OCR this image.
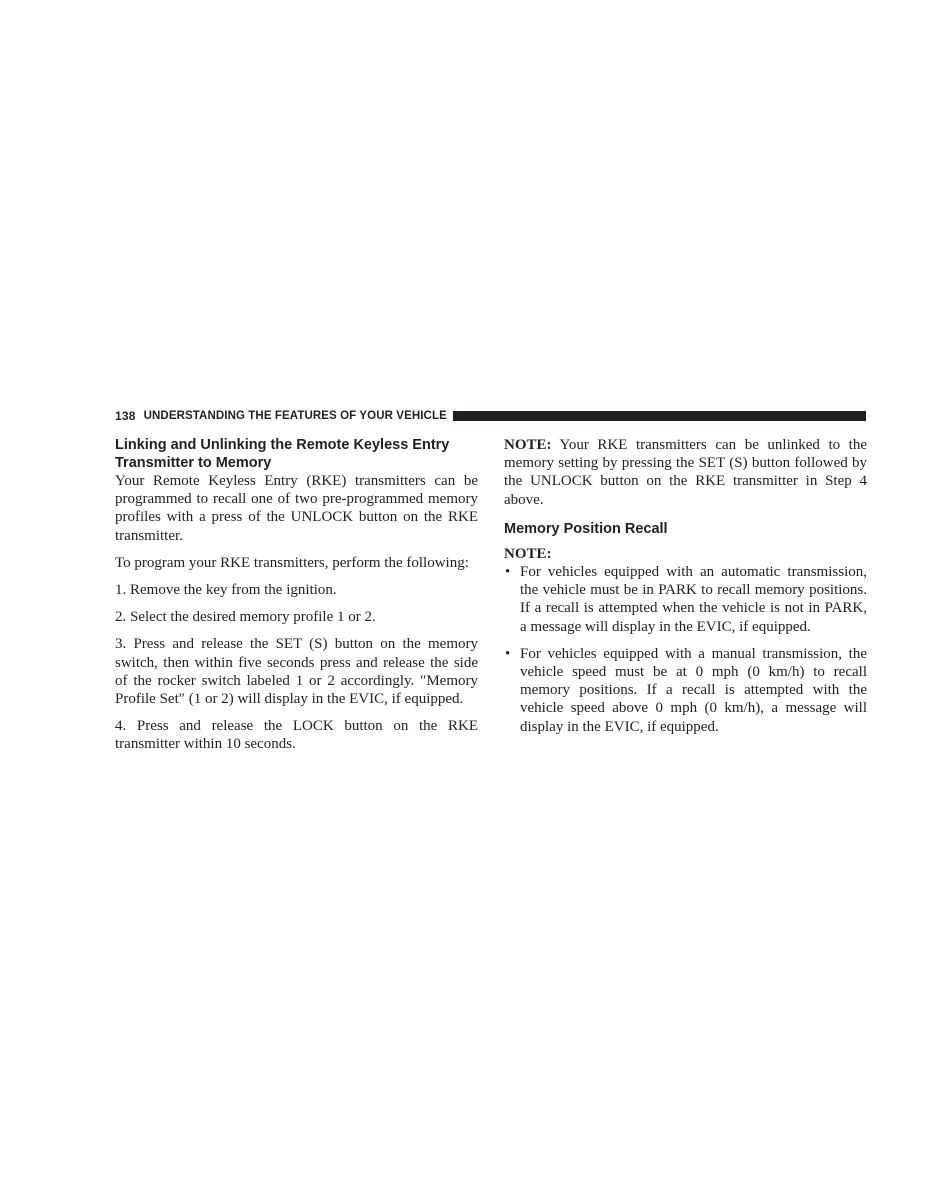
138 UNDERSTANDING THE FEATURES OF YOUR VEHICLE
Linking and Unlinking the Remote Keyless Entry Transmitter to Memory

Your Remote Keyless Entry (RKE) transmitters can be programmed to recall one of two pre-programmed memory profiles with a press of the UNLOCK button on the RKE transmitter.

To program your RKE transmitters, perform the following:

1. Remove the key from the ignition.

2. Select the desired memory profile 1 or 2.

3. Press and release the SET (S) button on the memory switch, then within five seconds press and release the side of the rocker switch labeled 1 or 2 accordingly. ″Memory Profile Set″ (1 or 2) will display in the EVIC, if equipped.

4. Press and release the LOCK button on the RKE transmitter within 10 seconds.

NOTE: Your RKE transmitters can be unlinked to the memory setting by pressing the SET (S) button followed by the UNLOCK button on the RKE transmitter in Step 4 above.

Memory Position Recall

NOTE:

• For vehicles equipped with an automatic transmission, the vehicle must be in PARK to recall memory positions. If a recall is attempted when the vehicle is not in PARK, a message will display in the EVIC, if equipped.
• For vehicles equipped with a manual transmission, the vehicle speed must be at 0 mph (0 km/h) to recall memory positions. If a recall is attempted with the vehicle speed above 0 mph (0 km/h), a message will display in the EVIC, if equipped.
